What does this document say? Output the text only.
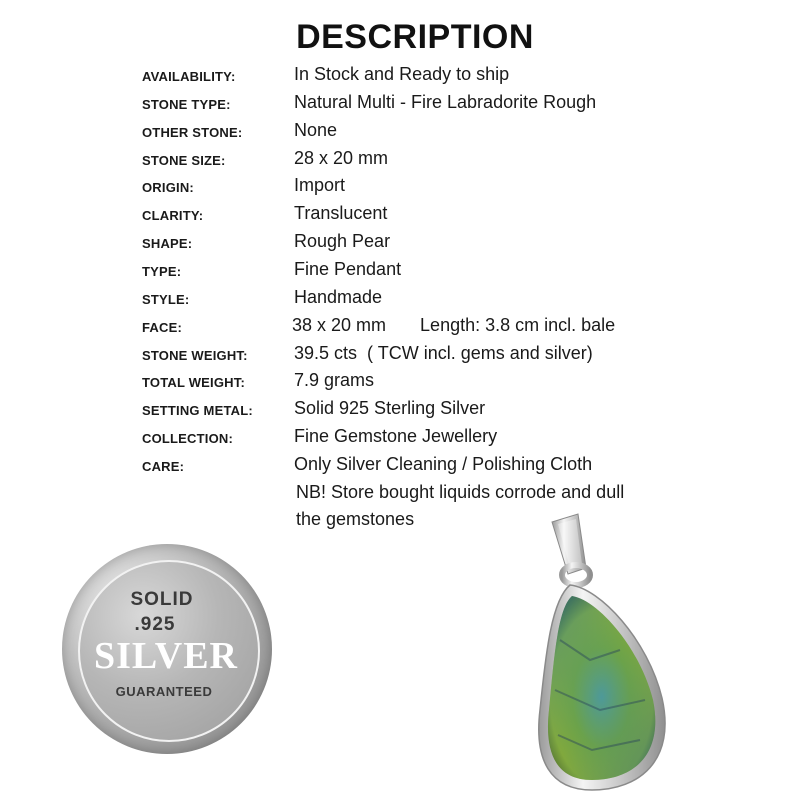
DESCRIPTION
AVAILABILITY:	In Stock and Ready to ship
STONE TYPE:	Natural Multi - Fire Labradorite Rough
OTHER STONE:	None
STONE SIZE:	28 x 20 mm
ORIGIN:	Import
CLARITY:	Translucent
SHAPE:	Rough Pear
TYPE:	Fine Pendant
STYLE:	Handmade
FACE:	38 x 20 mm Length: 3.8 cm incl. bale
STONE WEIGHT:	39.5 cts  ( TCW incl. gems and silver)
TOTAL WEIGHT:	7.9 grams
SETTING METAL: Solid 925 Sterling Silver
COLLECTION:	Fine Gemstone Jewellery
CARE:	Only Silver Cleaning / Polishing Cloth
NB! Store bought liquids corrode and dull
the gemstones
SOLID
.925
SILVER
GUARANTEED
